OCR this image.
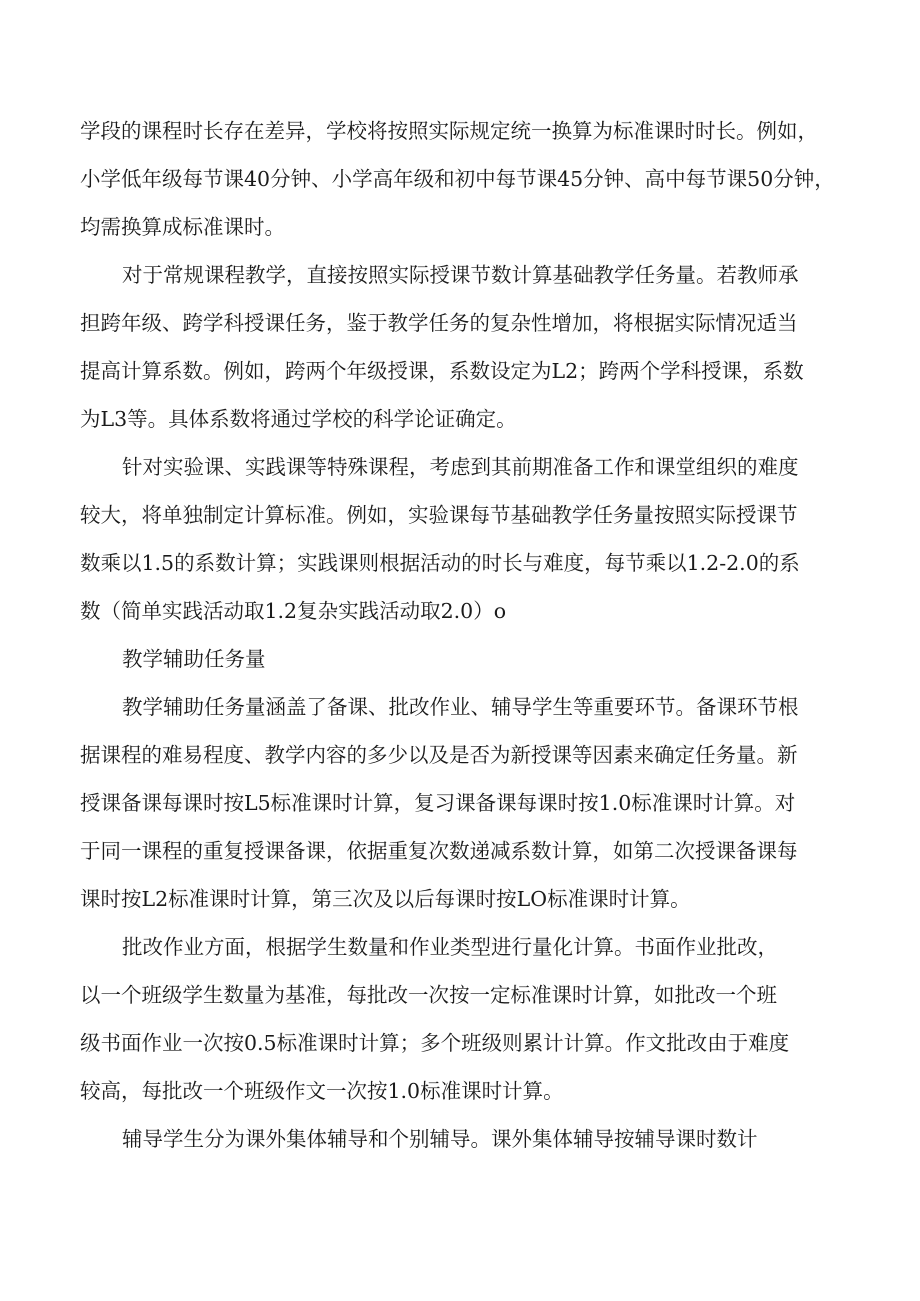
学段的课程时长存在差异，学校将按照实际规定统一换算为标准课时时长。例如，
小学低年级每节课40分钟、小学高年级和初中每节课45分钟、高中每节课50分钟，
均需换算成标准课时。
对于常规课程教学，直接按照实际授课节数计算基础教学任务量。若教师承
担跨年级、跨学科授课任务，鉴于教学任务的复杂性增加，将根据实际情况适当
提高计算系数。例如，跨两个年级授课，系数设定为L2；跨两个学科授课，系数
为L3等。具体系数将通过学校的科学论证确定。
针对实验课、实践课等特殊课程，考虑到其前期准备工作和课堂组织的难度
较大，将单独制定计算标准。例如，实验课每节基础教学任务量按照实际授课节
数乘以1.5的系数计算；实践课则根据活动的时长与难度，每节乘以1.2-2.0的系
数（简单实践活动取1.2复杂实践活动取2.0）o
教学辅助任务量
教学辅助任务量涵盖了备课、批改作业、辅导学生等重要环节。备课环节根
据课程的难易程度、教学内容的多少以及是否为新授课等因素来确定任务量。新
授课备课每课时按L5标准课时计算，复习课备课每课时按1.0标准课时计算。对
于同一课程的重复授课备课，依据重复次数递减系数计算，如第二次授课备课每
课时按L2标准课时计算，第三次及以后每课时按LO标准课时计算。
批改作业方面，根据学生数量和作业类型进行量化计算。书面作业批改，
以一个班级学生数量为基准，每批改一次按一定标准课时计算，如批改一个班
级书面作业一次按0.5标准课时计算；多个班级则累计计算。作文批改由于难度
较高，每批改一个班级作文一次按1.0标准课时计算。
辅导学生分为课外集体辅导和个别辅导。课外集体辅导按辅导课时数计
